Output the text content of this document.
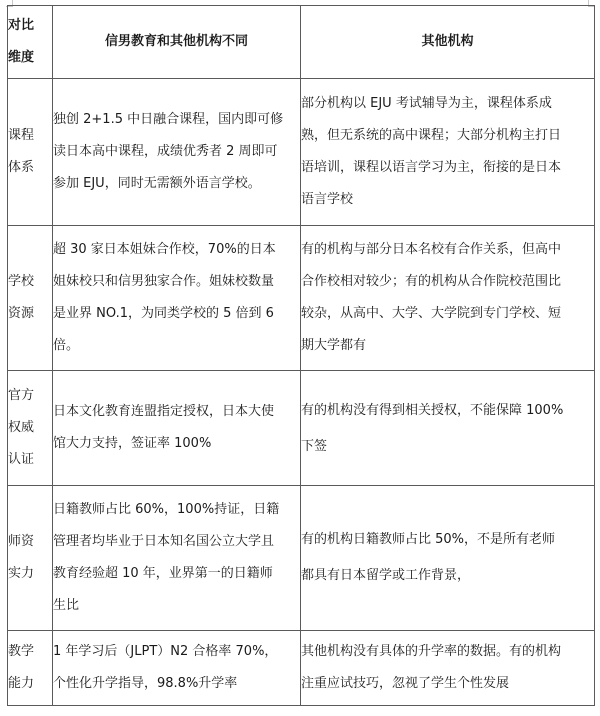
对比
维度	信男教育和其他机构不同	其他机构

课程
体系	独创 2+1.5 中日融合课程，国内即可修
读日本高中课程，成绩优秀者 2 周即可
参加 EJU，同时无需额外语言学校。	部分机构以 EJU 考试辅导为主，课程体系成
熟，但无系统的高中课程；大部分机构主打日
语培训，课程以语言学习为主，衔接的是日本
语言学校

学校
资源	超 30 家日本姐妹合作校，70%的日本
姐妹校只和信男独家合作。姐妹校数量
是业界 NO.1，为同类学校的 5 倍到 6
倍。	有的机构与部分日本名校有合作关系，但高中
合作校相对较少；有的机构从合作院校范围比
较杂，从高中、大学、大学院到专门学校、短
期大学都有

官方
权威
认证	日本文化教育连盟指定授权，日本大使
馆大力支持，签证率 100%	有的机构没有得到相关授权，不能保障 100%
下签

师资
实力	日籍教师占比 60%，100%持证，日籍
管理者均毕业于日本知名国公立大学且
教育经验超 10 年，业界第一的日籍师
生比	有的机构日籍教师占比 50%，不是所有老师
都具有日本留学或工作背景，

教学
能力	1 年学习后（JLPT）N2 合格率 70%，
个性化升学指导，98.8%升学率	其他机构没有具体的升学率的数据。有的机构
注重应试技巧，忽视了学生个性发展
